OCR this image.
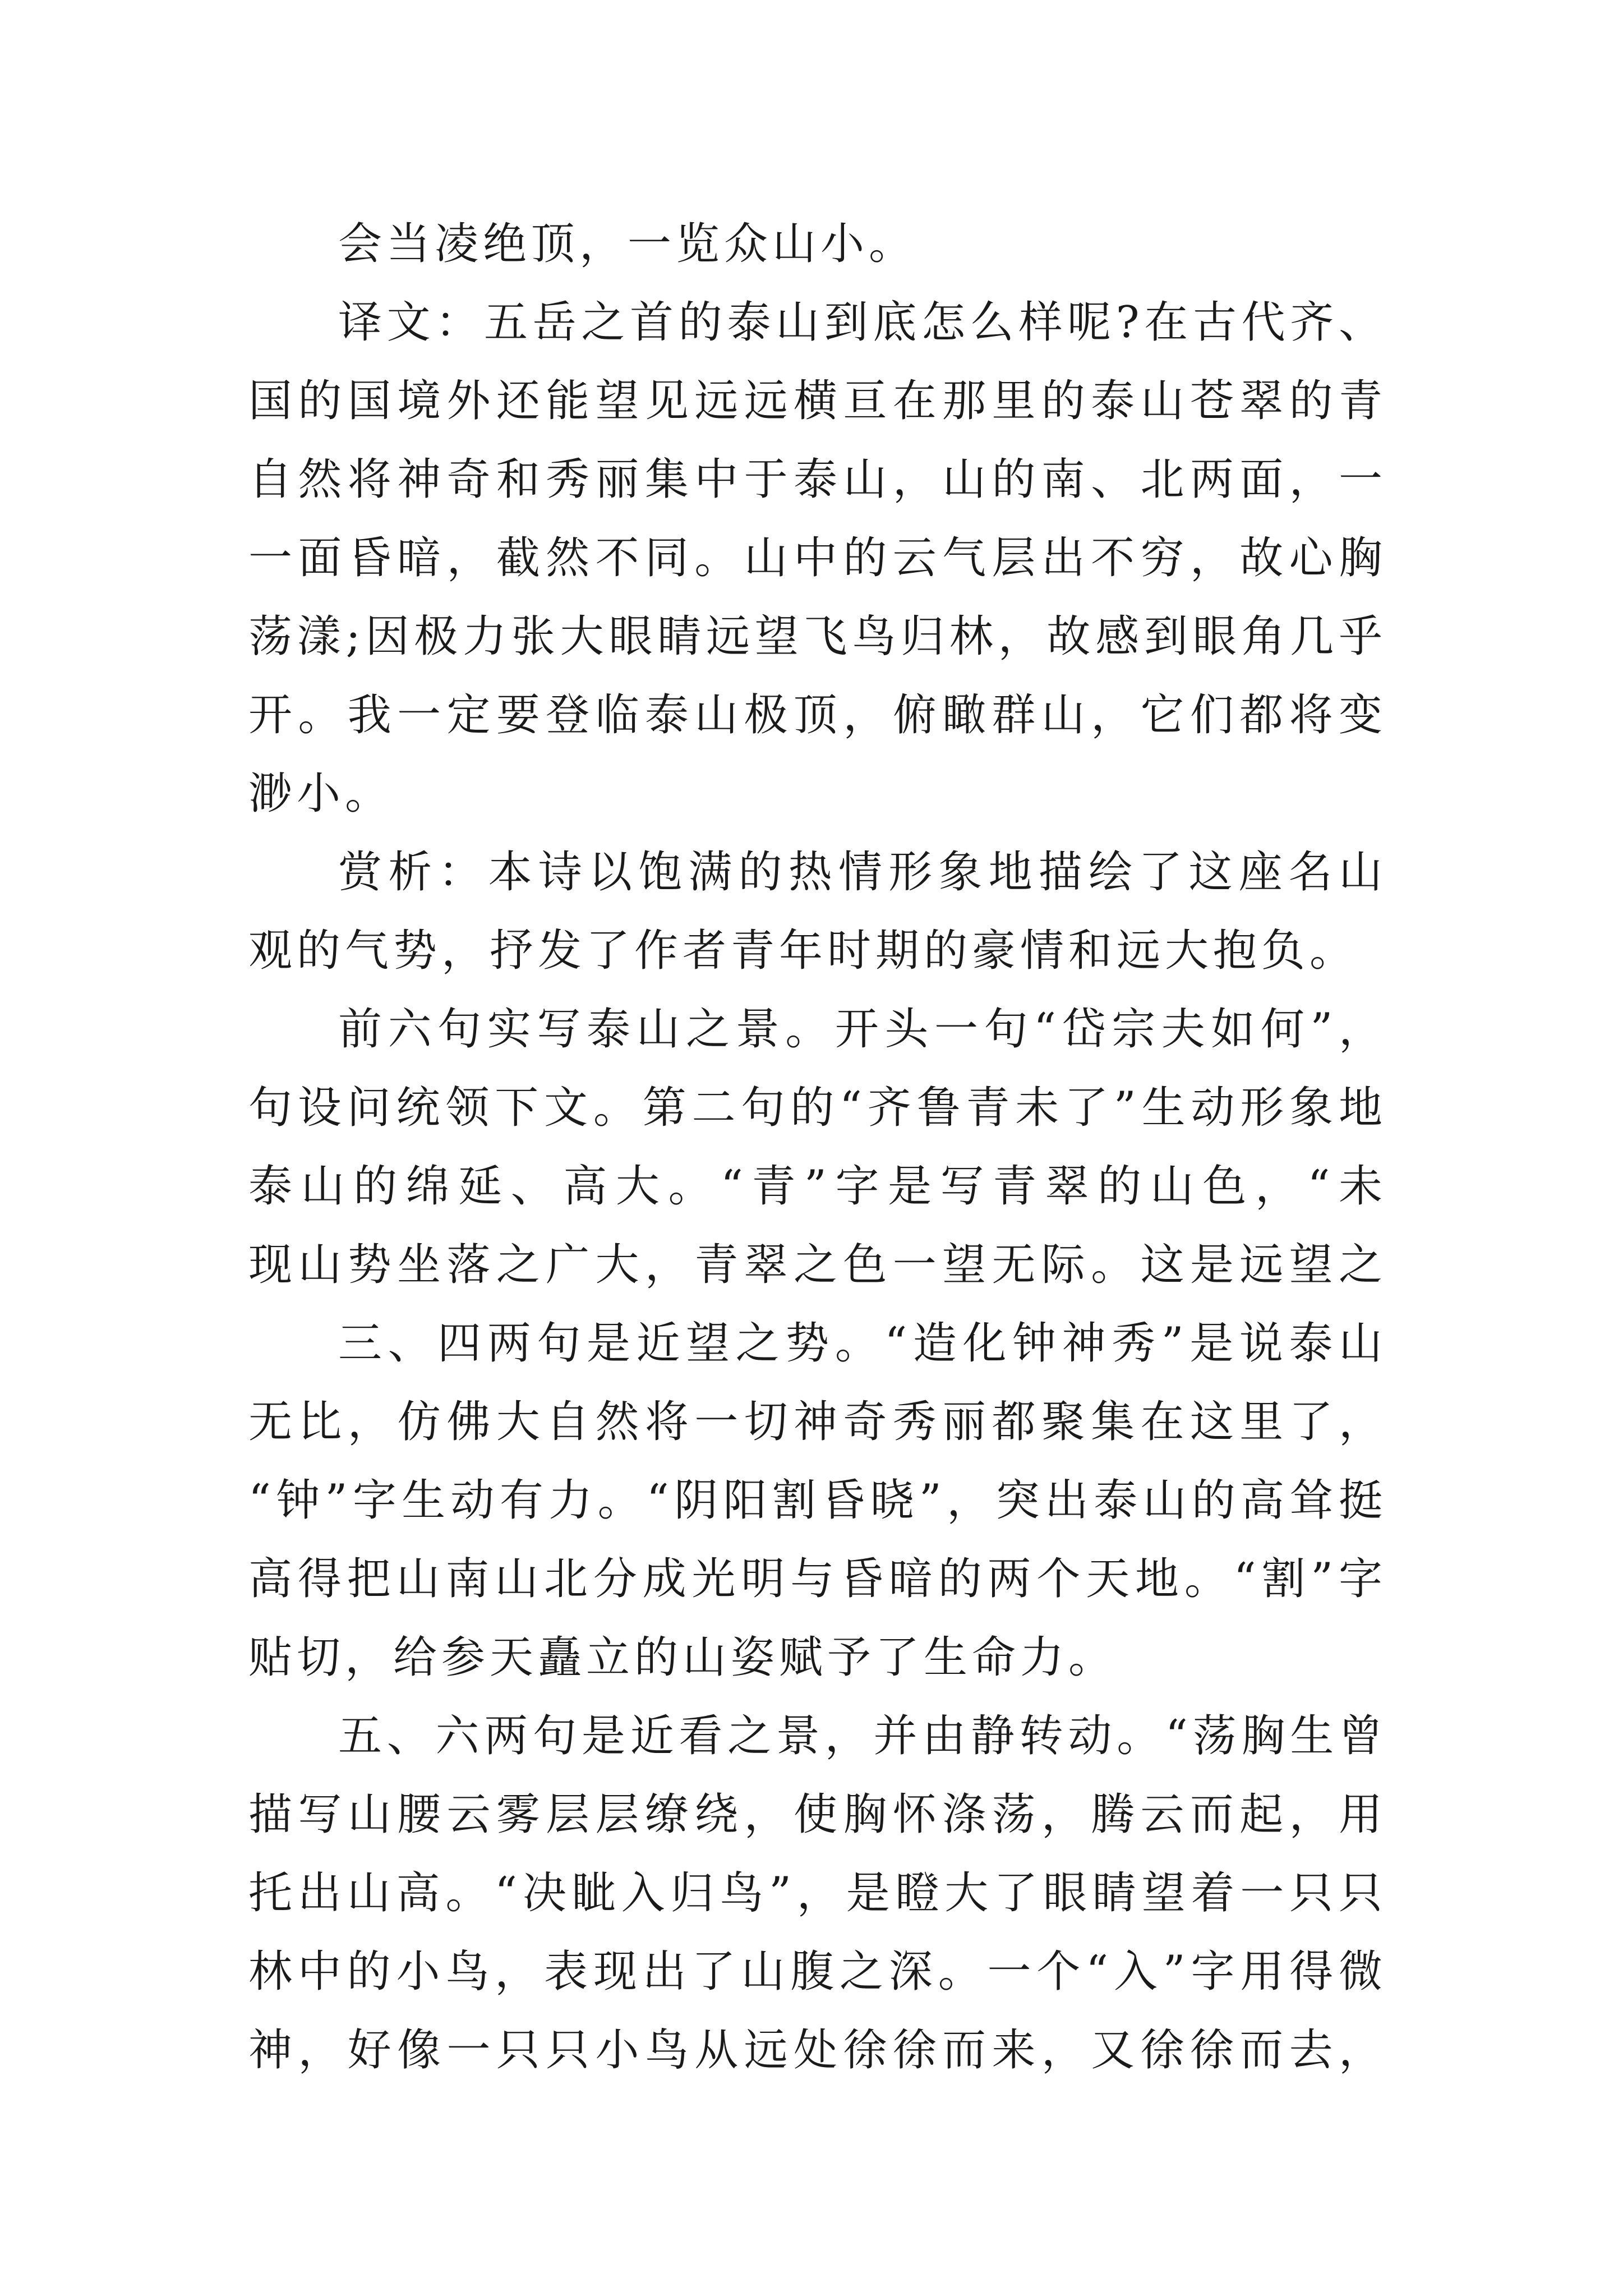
会当凌绝顶，一览众山小。
译文：五岳之首的泰山到底怎么样呢?在古代齐、
国的国境外还能望见远远横亘在那里的泰山苍翠的青
自然将神奇和秀丽集中于泰山，山的南、北两面，一
一面昏暗，截然不同。山中的云气层出不穷，故心胸
荡漾;因极力张大眼睛远望飞鸟归林，故感到眼角几乎
开。我一定要登临泰山极顶，俯瞰群山，它们都将变
渺小。
赏析：本诗以饱满的热情形象地描绘了这座名山
观的气势，抒发了作者青年时期的豪情和远大抱负。
前六句实写泰山之景。开头一句“岱宗夫如何”，
句设问统领下文。第二句的“齐鲁青未了”生动形象地
泰山的绵延、高大。“青”字是写青翠的山色，“未
现山势坐落之广大，青翠之色一望无际。这是远望之
三、四两句是近望之势。“造化钟神秀”是说泰山
无比，仿佛大自然将一切神奇秀丽都聚集在这里了，
“钟”字生动有力。“阴阳割昏晓”，突出泰山的高耸挺
高得把山南山北分成光明与昏暗的两个天地。“割”字
贴切，给参天矗立的山姿赋予了生命力。
五、六两句是近看之景，并由静转动。“荡胸生曾
描写山腰云雾层层缭绕，使胸怀涤荡，腾云而起，用
托出山高。“决眦入归鸟”，是瞪大了眼睛望着一只只
林中的小鸟，表现出了山腹之深。一个“入”字用得微
神，好像一只只小鸟从远处徐徐而来，又徐徐而去，
